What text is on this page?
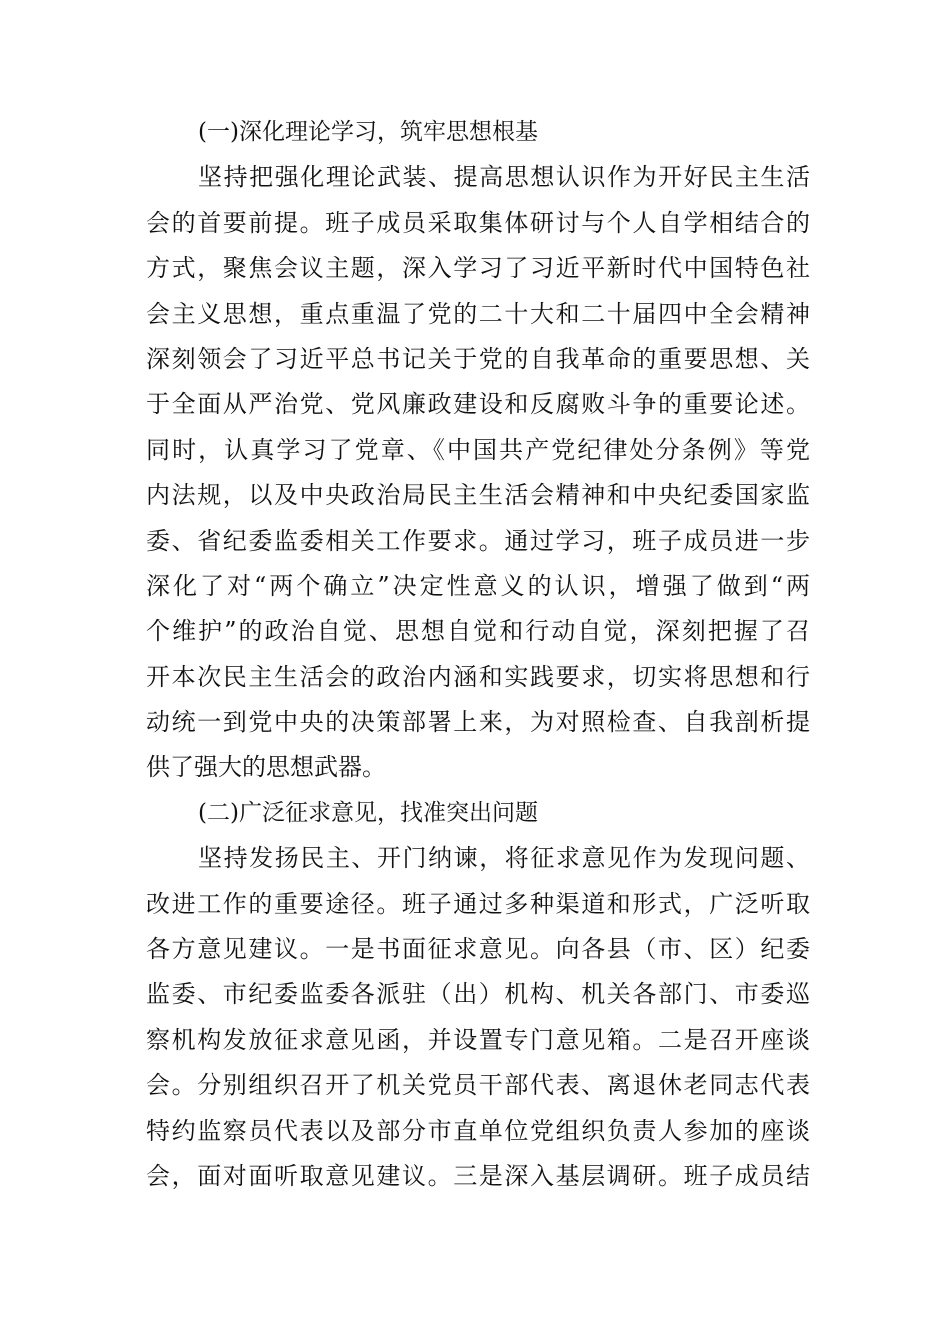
(一)深化理论学习，筑牢思想根基
坚持把强化理论武装、提高思想认识作为开好民主生活
会的首要前提。班子成员采取集体研讨与个人自学相结合的
方式，聚焦会议主题，深入学习了习近平新时代中国特色社
会主义思想，重点重温了党的二十大和二十届四中全会精神
深刻领会了习近平总书记关于党的自我革命的重要思想、关
于全面从严治党、党风廉政建设和反腐败斗争的重要论述。
同时，认真学习了党章、《中国共产党纪律处分条例》等党
内法规，以及中央政治局民主生活会精神和中央纪委国家监
委、省纪委监委相关工作要求。通过学习，班子成员进一步
深化了对“两个确立”决定性意义的认识，增强了做到“两
个维护”的政治自觉、思想自觉和行动自觉，深刻把握了召
开本次民主生活会的政治内涵和实践要求，切实将思想和行
动统一到党中央的决策部署上来，为对照检查、自我剖析提
供了强大的思想武器。
(二)广泛征求意见，找准突出问题
坚持发扬民主、开门纳谏，将征求意见作为发现问题、
改进工作的重要途径。班子通过多种渠道和形式，广泛听取
各方意见建议。一是书面征求意见。向各县（市、区）纪委
监委、市纪委监委各派驻（出）机构、机关各部门、市委巡
察机构发放征求意见函，并设置专门意见箱。二是召开座谈
会。分别组织召开了机关党员干部代表、离退休老同志代表
特约监察员代表以及部分市直单位党组织负责人参加的座谈
会，面对面听取意见建议。三是深入基层调研。班子成员结
